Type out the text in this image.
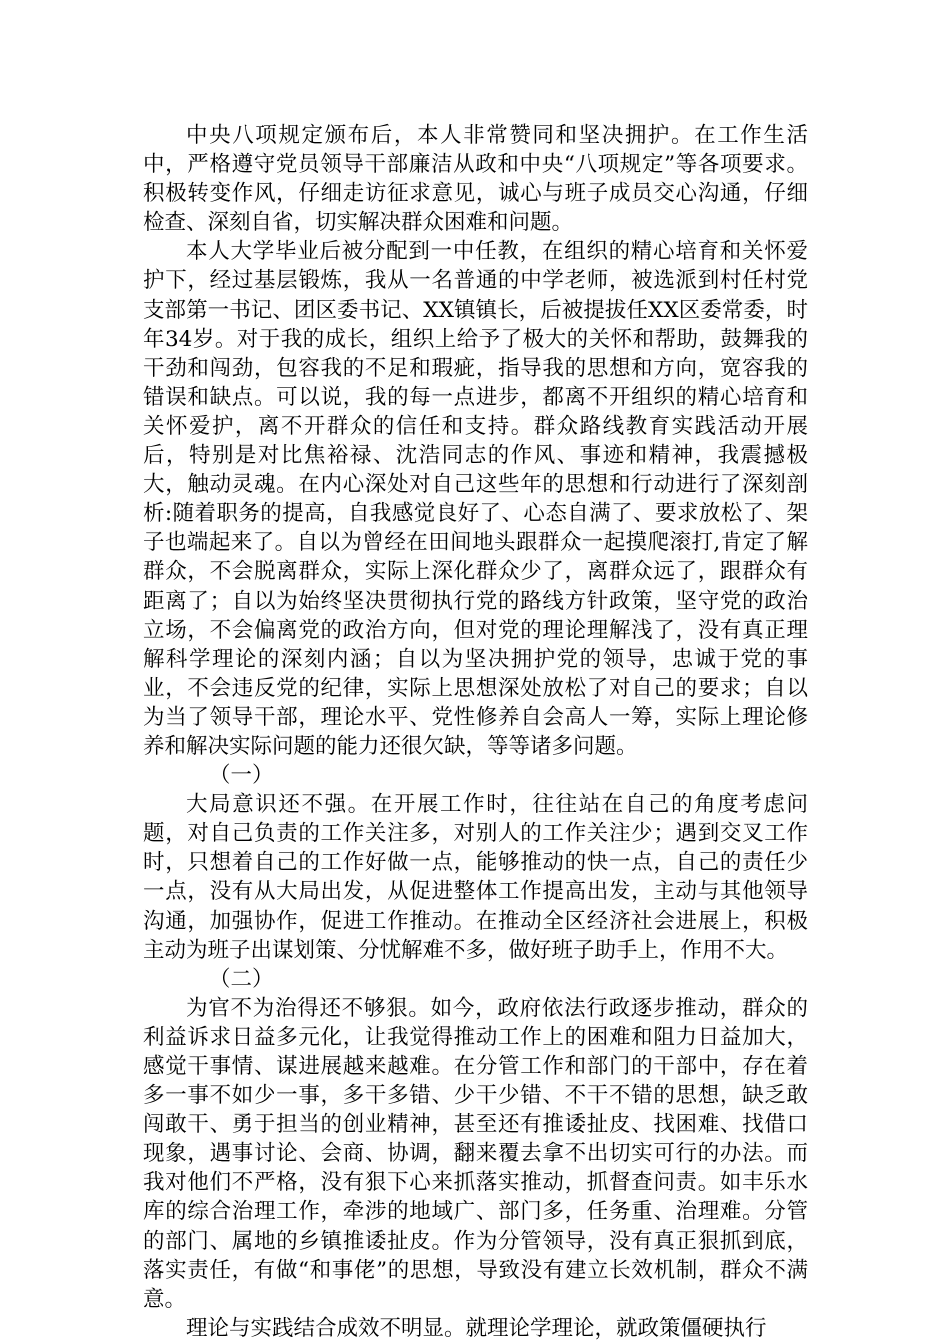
中央八项规定颁布后，本人非常赞同和坚决拥护。在工作生活中，严格遵守党员领导干部廉洁从政和中央“八项规定”等各项要求。积极转变作风，仔细走访征求意见，诚心与班子成员交心沟通，仔细检查、深刻自省，切实解决群众困难和问题。

本人大学毕业后被分配到一中任教，在组织的精心培育和关怀爱护下，经过基层锻炼，我从一名普通的中学老师，被选派到村任村党支部第一书记、团区委书记、XX镇镇长，后被提拔任XX区委常委，时年34岁。对于我的成长，组织上给予了极大的关怀和帮助，鼓舞我的干劲和闯劲，包容我的不足和瑕疵，指导我的思想和方向，宽容我的错误和缺点。可以说，我的每一点进步，都离不开组织的精心培育和关怀爱护，离不开群众的信任和支持。群众路线教育实践活动开展后，特别是对比焦裕禄、沈浩同志的作风、事迹和精神，我震撼极大，触动灵魂。在内心深处对自己这些年的思想和行动进行了深刻剖析:随着职务的提高，自我感觉良好了、心态自满了、要求放松了、架子也端起来了。自以为曾经在田间地头跟群众一起摸爬滚打,肯定了解群众，不会脱离群众，实际上深化群众少了，离群众远了，跟群众有距离了；自以为始终坚决贯彻执行党的路线方针政策，坚守党的政治立场，不会偏离党的政治方向，但对党的理论理解浅了，没有真正理解科学理论的深刻内涵；自以为坚决拥护党的领导，忠诚于党的事业，不会违反党的纪律，实际上思想深处放松了对自己的要求；自以为当了领导干部，理论水平、党性修养自会高人一筹，实际上理论修养和解决实际问题的能力还很欠缺，等等诸多问题。

（一）

大局意识还不强。在开展工作时，往往站在自己的角度考虑问题，对自己负责的工作关注多，对别人的工作关注少；遇到交叉工作时，只想着自己的工作好做一点，能够推动的快一点，自己的责任少一点，没有从大局出发，从促进整体工作提高出发，主动与其他领导沟通，加强协作，促进工作推动。在推动全区经济社会进展上，积极主动为班子出谋划策、分忧解难不多，做好班子助手上，作用不大。

（二）

为官不为治得还不够狠。如今，政府依法行政逐步推动，群众的利益诉求日益多元化，让我觉得推动工作上的困难和阻力日益加大，感觉干事情、谋进展越来越难。在分管工作和部门的干部中，存在着多一事不如少一事，多干多错、少干少错、不干不错的思想，缺乏敢闯敢干、勇于担当的创业精神，甚至还有推诿扯皮、找困难、找借口现象，遇事讨论、会商、协调，翻来覆去拿不出切实可行的办法。而我对他们不严格，没有狠下心来抓落实推动，抓督查问责。如丰乐水库的综合治理工作，牵涉的地域广、部门多，任务重、治理难。分管的部门、属地的乡镇推诿扯皮。作为分管领导，没有真正狠抓到底，落实责任，有做“和事佬”的思想，导致没有建立长效机制，群众不满意。

理论与实践结合成效不明显。就理论学理论，就政策僵硬执行
